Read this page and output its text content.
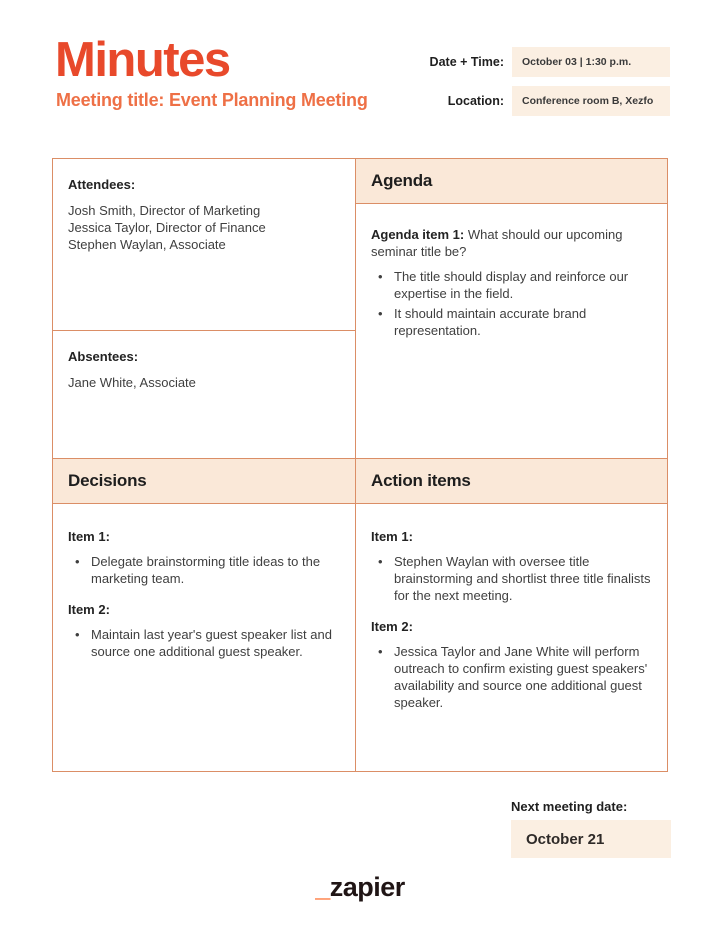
Minutes
Meeting title: Event Planning Meeting
Date + Time:	October 03 | 1:30 p.m.
Location:	Conference room B, Xezfo
Attendees:
Josh Smith, Director of Marketing
Jessica Taylor, Director of Finance
Stephen Waylan, Associate
Absentees:
Jane White, Associate
Decisions
Item 1:
• Delegate brainstorming title ideas to the marketing team.
Item 2:
• Maintain last year's guest speaker list and source one additional guest speaker.
Agenda
Agenda item 1: What should our upcoming seminar title be?
• The title should display and reinforce our expertise in the field.
• It should maintain accurate brand representation.
Action items
Item 1:
• Stephen Waylan with oversee title brainstorming and shortlist three title finalists for the next meeting.
Item 2:
• Jessica Taylor and Jane White will perform outreach to confirm existing guest speakers' availability and source one additional guest speaker.
Next meeting date:
October 21
_zapier
